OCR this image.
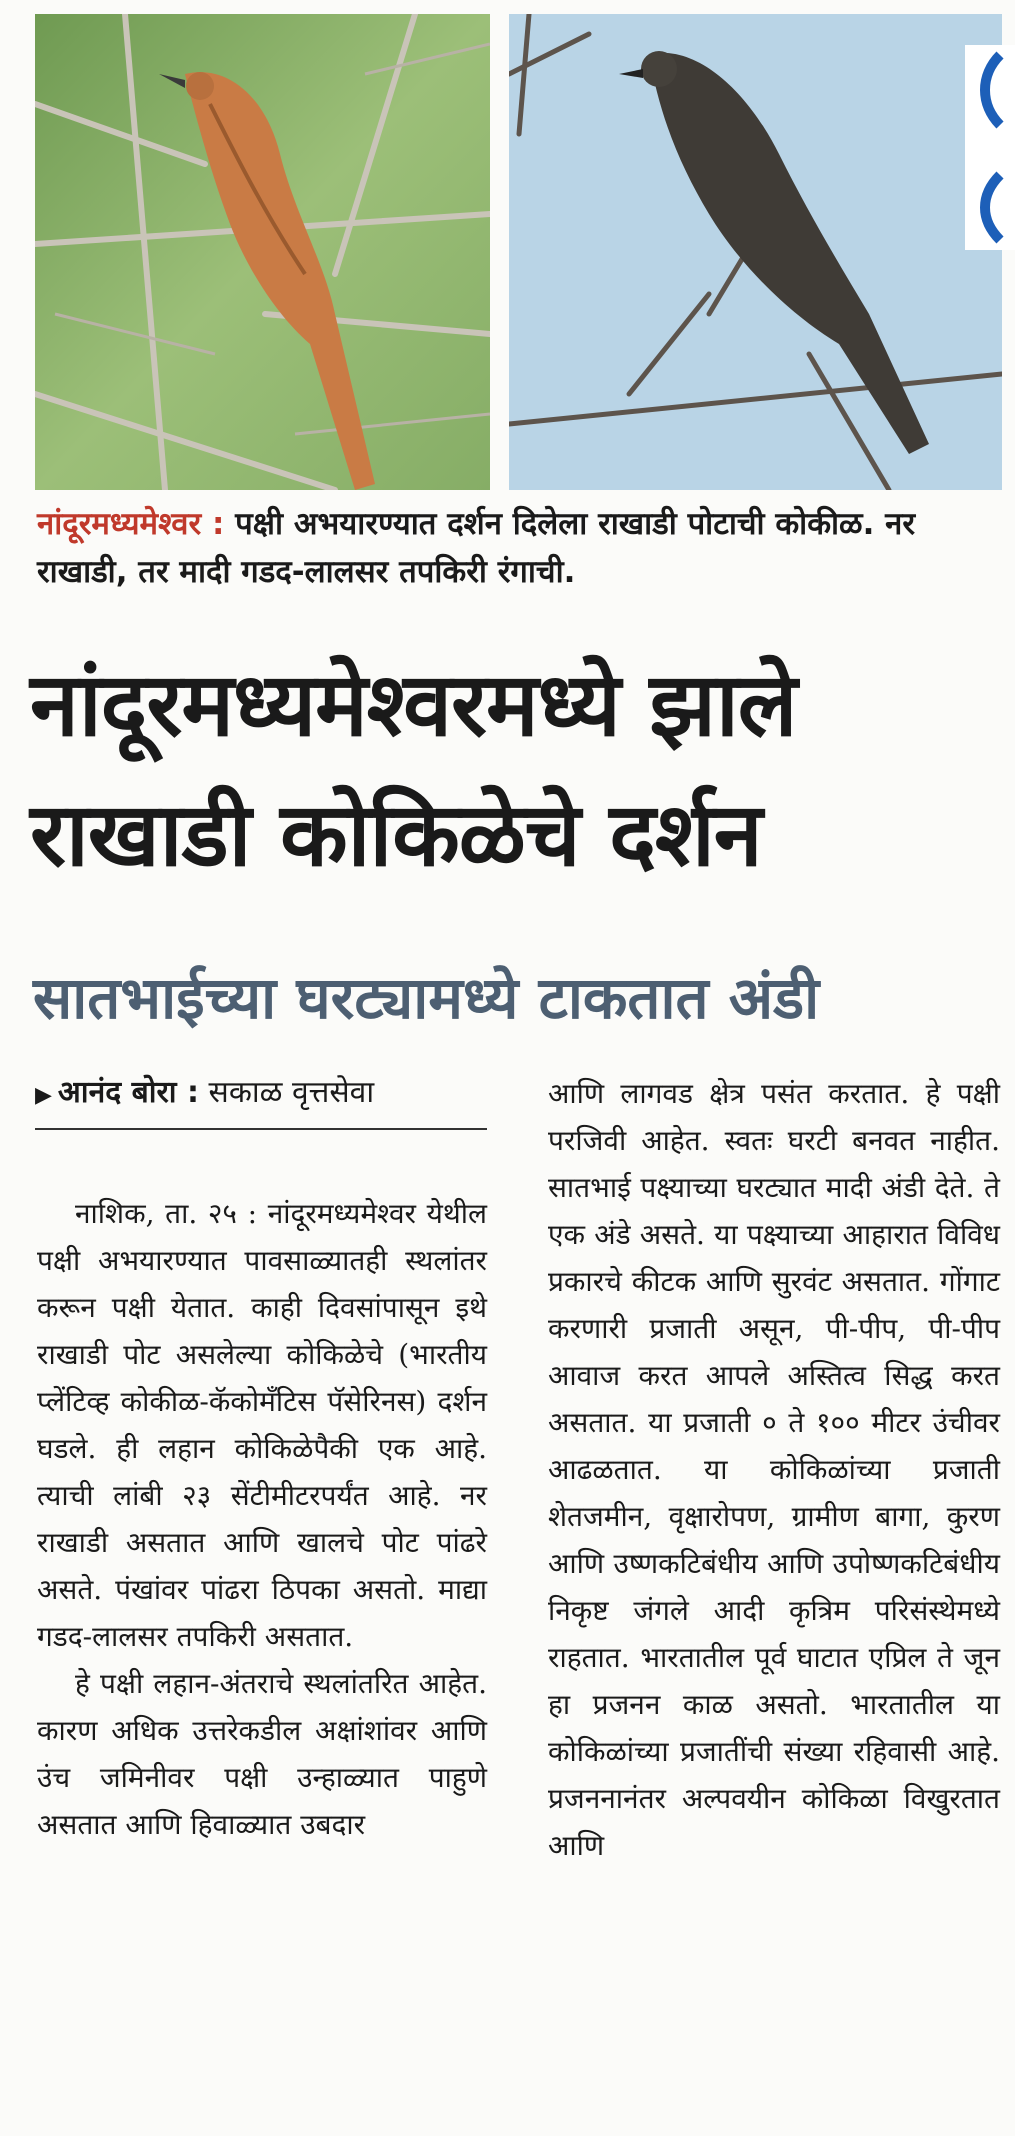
नांदूरमध्यमेश्वर : पक्षी अभयारण्यात दर्शन दिलेला राखाडी पोटाची कोकीळ. नर राखाडी, तर मादी गडद-लालसर तपकिरी रंगाची.
नांदूरमध्यमेश्वरमध्ये झाले
राखाडी कोकिळेचे दर्शन
सातभाईच्या घरट्यामध्ये टाकतात अंडी
▶ आनंद बोरा : सकाळ वृत्तसेवा

नाशिक, ता. २५ : नांदूरमध्यमेश्वर येथील पक्षी अभयारण्यात पावसाळ्यातही स्थलांतर करून पक्षी येतात. काही दिवसांपासून इथे राखाडी पोट असलेल्या कोकिळेचे (भारतीय प्लेंटिव्ह कोकीळ-कॅकोमॅंटिस पॅसेरिनस) दर्शन घडले. ही लहान कोकिळेपैकी एक आहे. त्याची लांबी २३ सेंटीमीटरपर्यंत आहे. नर राखाडी असतात आणि खालचे पोट पांढरे असते. पंखांवर पांढरा ठिपका असतो. माद्या गडद-लालसर तपकिरी असतात.

हे पक्षी लहान-अंतराचे स्थलांतरित आहेत. कारण अधिक उत्तरेकडील अक्षांशांवर आणि उंच जमिनीवर पक्षी उन्हाळ्यात पाहुणे असतात आणि हिवाळ्यात उबदार

आणि लागवड क्षेत्र पसंत करतात. हे पक्षी परजिवी आहेत. स्वतः घरटी बनवत नाहीत. सातभाई पक्ष्याच्या घरट्यात मादी अंडी देते. ते एक अंडे असते. या पक्ष्याच्या आहारात विविध प्रकारचे कीटक आणि सुरवंट असतात. गोंगाट करणारी प्रजाती असून, पी-पीप, पी-पीप आवाज करत आपले अस्तित्व सिद्ध करत असतात. या प्रजाती ० ते १०० मीटर उंचीवर आढळतात. या कोकिळांच्या प्रजाती शेतजमीन, वृक्षारोपण, ग्रामीण बागा, कुरण आणि उष्णकटिबंधीय आणि उपोष्णकटिबंधीय निकृष्ट जंगले आदी कृत्रिम परिसंस्थेमध्ये राहतात. भारतातील पूर्व घाटात एप्रिल ते जून हा प्रजनन काळ असतो. भारतातील या कोकिळांच्या प्रजातींची संख्या रहिवासी आहे. प्रजननानंतर अल्पवयीन कोकिळा विखुरतात आणि
